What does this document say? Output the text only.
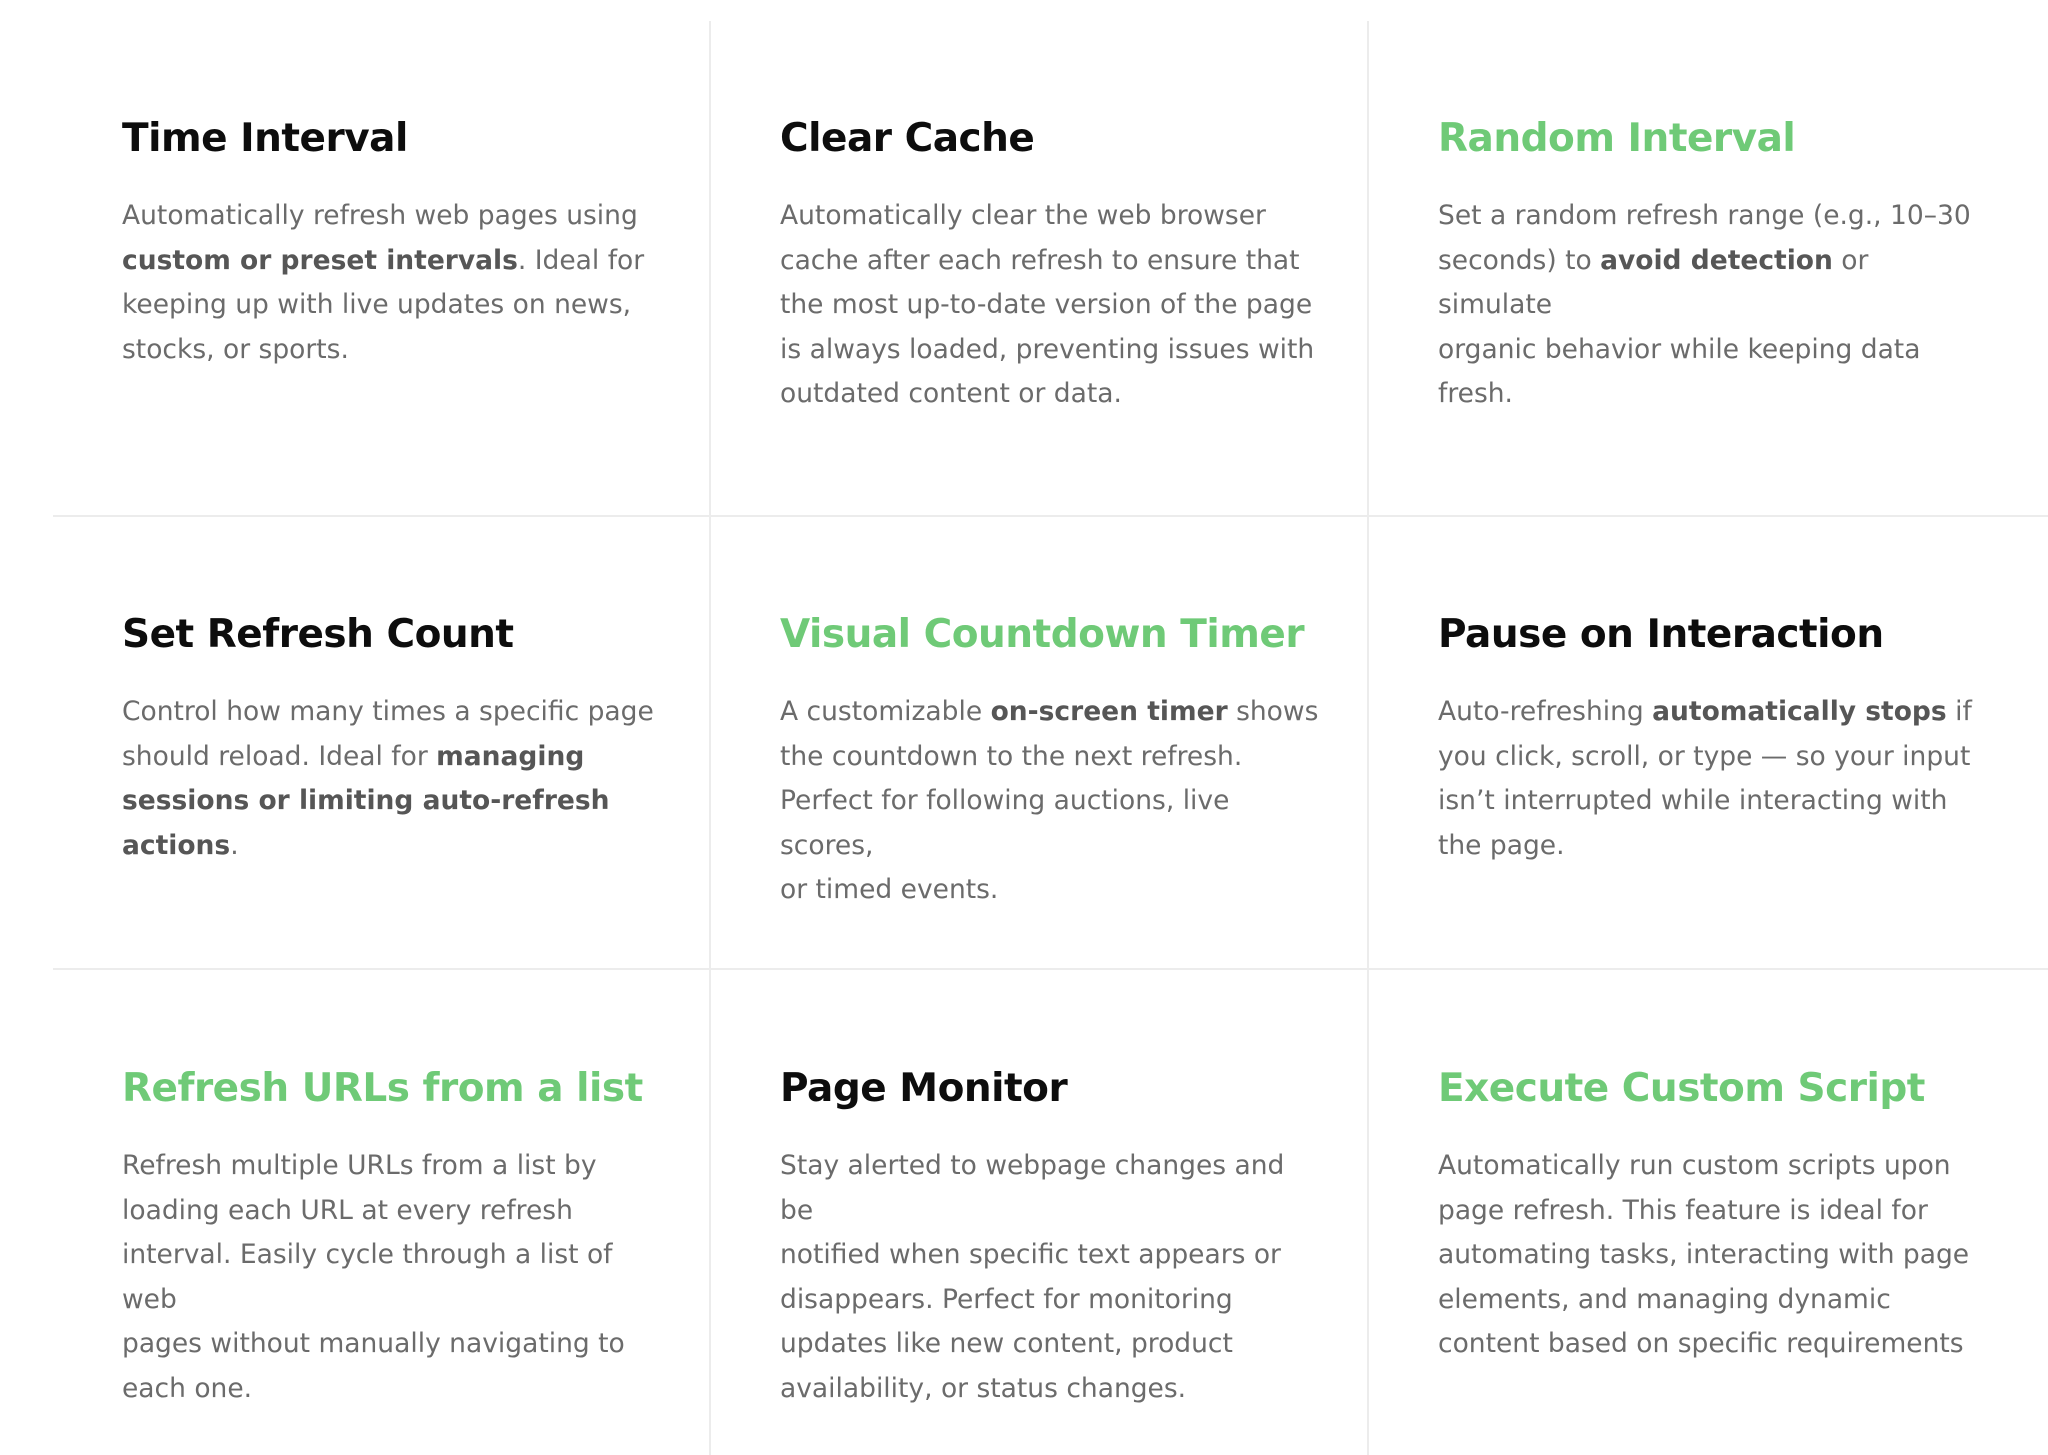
Time Interval
Automatically refresh web pages using
custom or preset intervals. Ideal for
keeping up with live updates on news,
stocks, or sports.
Clear Cache
Automatically clear the web browser
cache after each refresh to ensure that
the most up-to-date version of the page
is always loaded, preventing issues with
outdated content or data.
Random Interval
Set a random refresh range (e.g., 10–30
seconds) to avoid detection or simulate
organic behavior while keeping data
fresh.
Set Refresh Count
Control how many times a specific page
should reload. Ideal for managing
sessions or limiting auto-refresh
actions.
Visual Countdown Timer
A customizable on-screen timer shows
the countdown to the next refresh.
Perfect for following auctions, live scores,
or timed events.
Pause on Interaction
Auto-refreshing automatically stops if
you click, scroll, or type — so your input
isn’t interrupted while interacting with
the page.
Refresh URLs from a list
Refresh multiple URLs from a list by
loading each URL at every refresh
interval. Easily cycle through a list of web
pages without manually navigating to
each one.
Page Monitor
Stay alerted to webpage changes and be
notified when specific text appears or
disappears. Perfect for monitoring
updates like new content, product
availability, or status changes.
Execute Custom Script
Automatically run custom scripts upon
page refresh. This feature is ideal for
automating tasks, interacting with page
elements, and managing dynamic
content based on specific requirements
